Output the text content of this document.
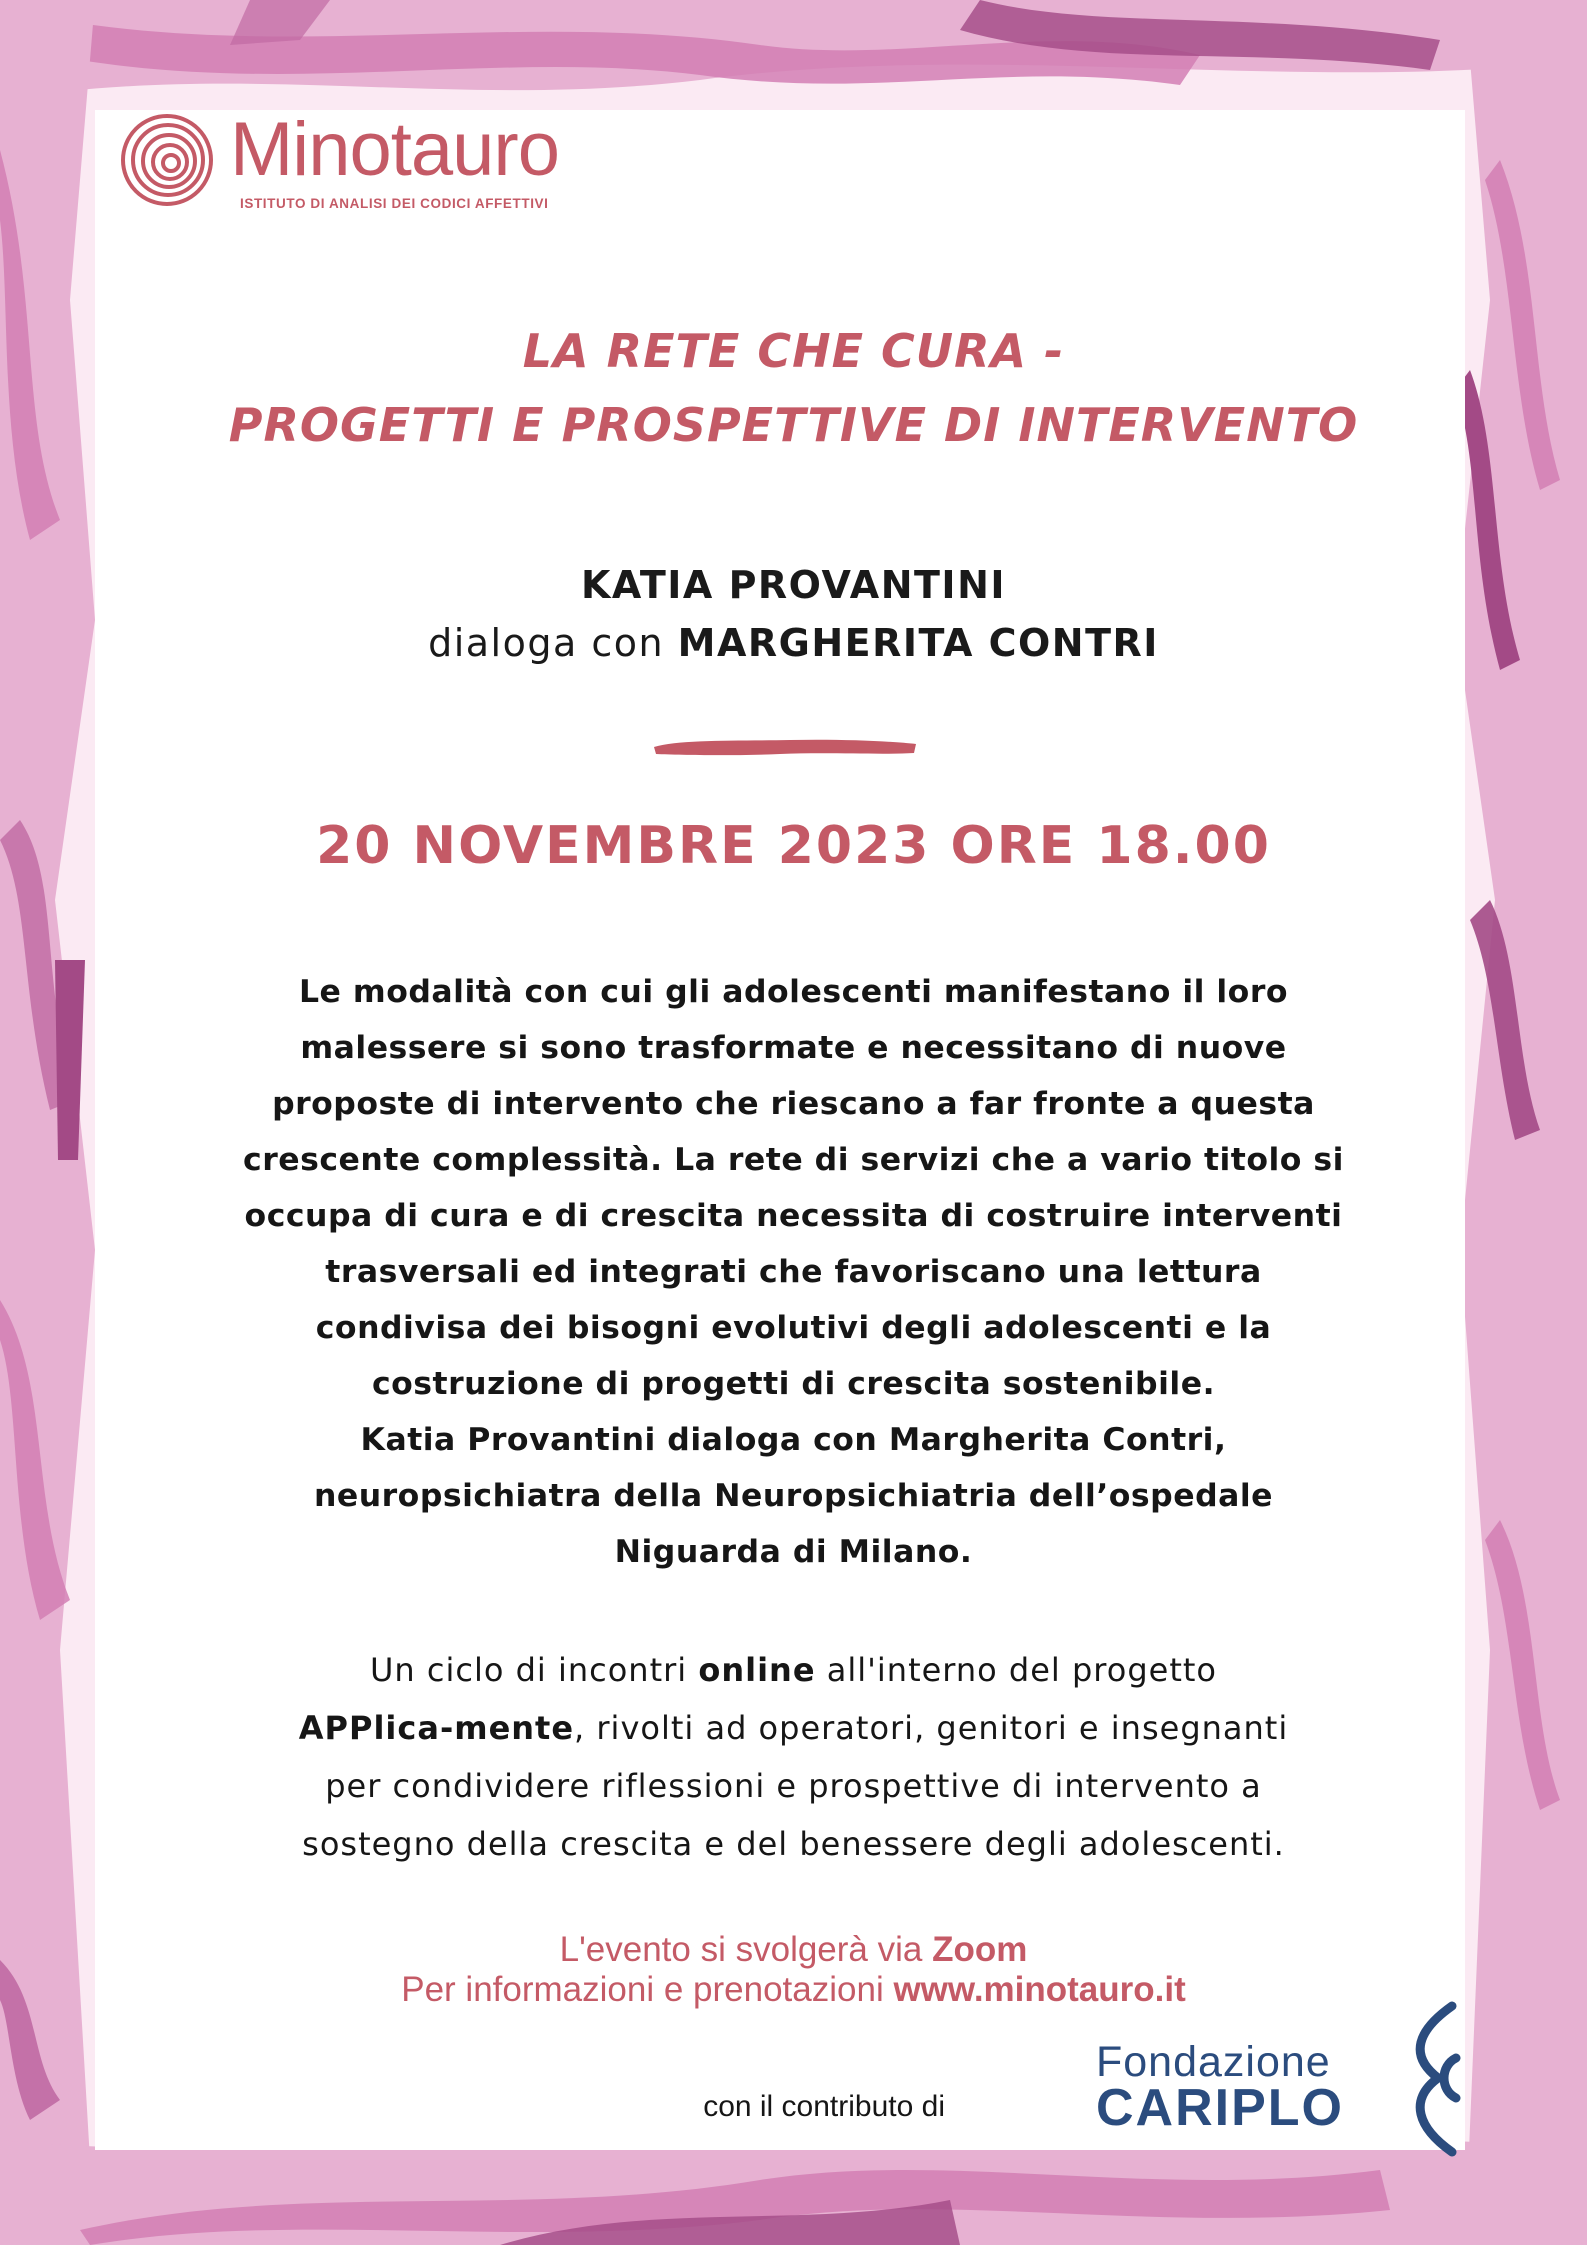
Minotauro
ISTITUTO DI ANALISI DEI CODICI AFFETTIVI
LA RETE CHE CURA -
PROGETTI E PROSPETTIVE DI INTERVENTO
KATIA PROVANTINI
dialoga con MARGHERITA CONTRI
20 NOVEMBRE 2023 ORE 18.00
Le modalità con cui gli adolescenti manifestano il loro
malessere si sono trasformate e necessitano di nuove
proposte di intervento che riescano a far fronte a questa
crescente complessità. La rete di servizi che a vario titolo si
occupa di cura e di crescita necessita di costruire interventi
trasversali ed integrati che favoriscano una lettura
condivisa dei bisogni evolutivi degli adolescenti e la
costruzione di progetti di crescita sostenibile.
Katia Provantini dialoga con Margherita Contri,
neuropsichiatra della Neuropsichiatria dell’ospedale
Niguarda di Milano.
Un ciclo di incontri online all'interno del progetto
APPlica-mente, rivolti ad operatori, genitori e insegnanti
per condividere riflessioni e prospettive di intervento a
sostegno della crescita e del benessere degli adolescenti.
L'evento si svolgerà via Zoom
Per informazioni e prenotazioni www.minotauro.it
con il contributo di
Fondazione
CARIPLO
